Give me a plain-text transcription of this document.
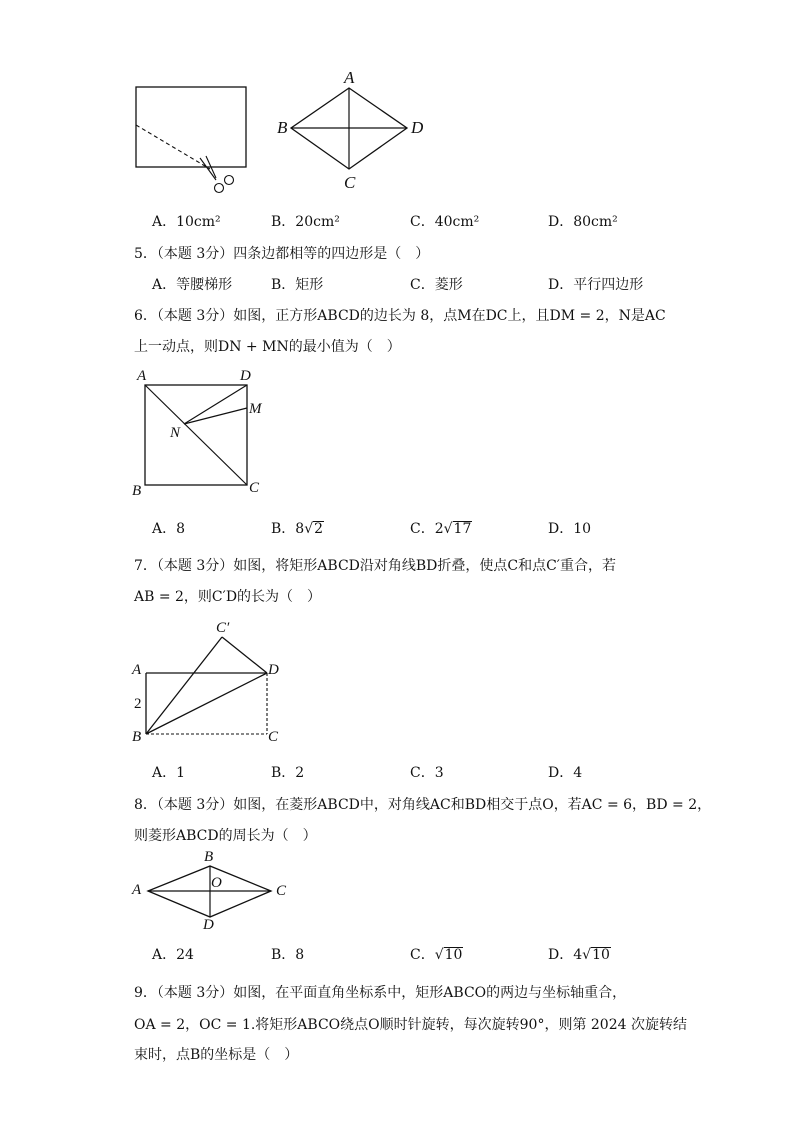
A
B	D
C
A．10cm²	B．20cm²	C．40cm²	D．80cm²
5．（本题 3分）四条边都相等的四边形是（　）
A．等腰梯形	B．矩形	C．菱形	D．平行四边形
6．（本题 3分）如图，正方形ABCD的边长为 8，点M在DC上，且DM = 2，N是AC
上一动点，则DN + MN的最小值为（　）
A	D
M
N
B	C
A．8	B．8√2	C．2√17	D．10
7．（本题 3分）如图，将矩形ABCD沿对角线BD折叠，使点C和点C′重合，若
AB = 2，则C′D的长为（　）
C′
A	D
2
B	C
A．1	B．2	C．3	D．4
8．（本题 3分）如图，在菱形ABCD中，对角线AC和BD相交于点O，若AC = 6，BD = 2，
则菱形ABCD的周长为（　）
B
A	O	C
D
A．24	B．8	C．√10	D．4√10
9．（本题 3分）如图，在平面直角坐标系中，矩形ABCO的两边与坐标轴重合，
OA = 2，OC = 1.将矩形ABCO绕点O顺时针旋转，每次旋转90°，则第 2024 次旋转结
束时，点B的坐标是（　）
